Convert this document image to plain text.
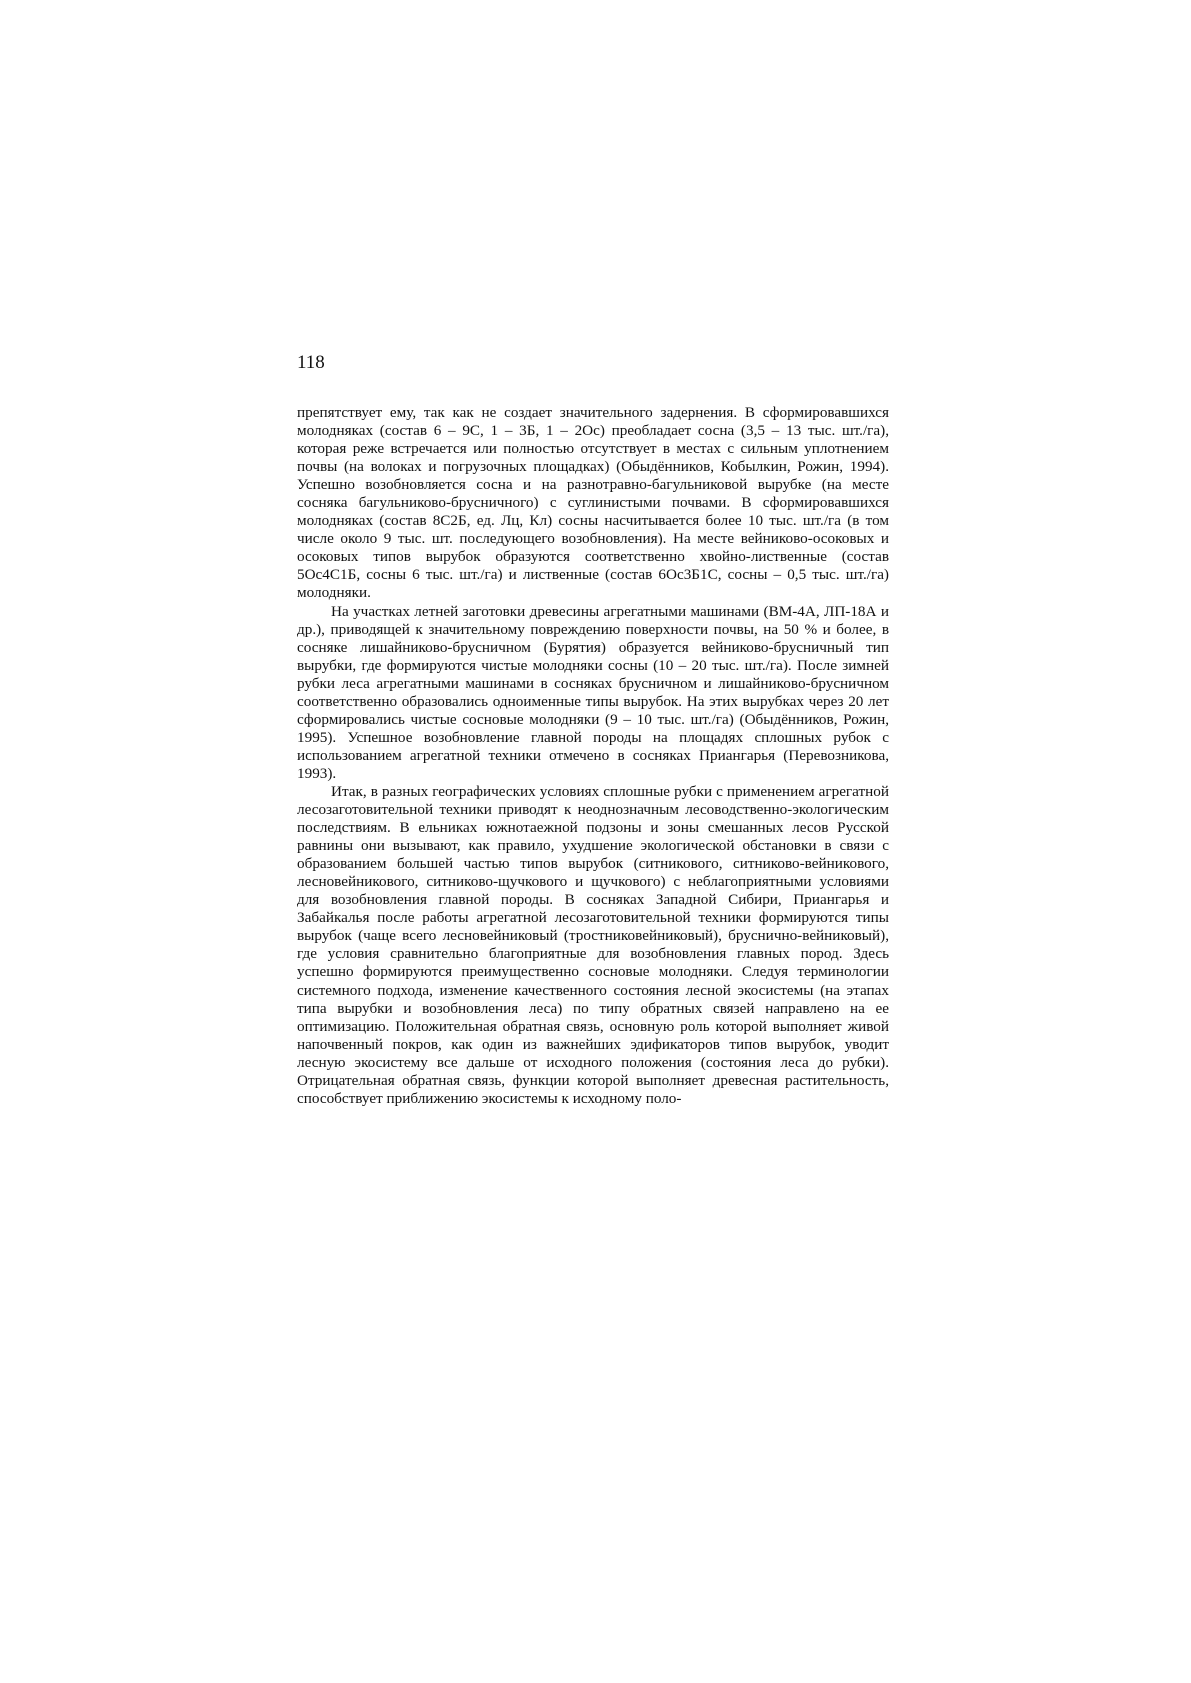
118

препятствует ему, так как не создает значительного задернения. В сформировавшихся молодняках (состав 6 – 9С, 1 – 3Б, 1 – 2Ос) преобладает сосна (3,5 – 13 тыс. шт./га), которая реже встречается или полностью отсутствует в местах с сильным уплотнением почвы (на волоках и погрузочных площадках) (Обыдёнников, Кобылкин, Рожин, 1994). Успешно возобновляется сосна и на разнотравно-багульниковой вырубке (на месте сосняка багульниково-брусничного) с суглинистыми почвами. В сформировавшихся молодняках (состав 8С2Б, ед. Лц, Кл) сосны насчитывается более 10 тыс. шт./га (в том числе около 9 тыс. шт. последующего возобновления). На месте вейниково-осоковых и осоковых типов вырубок образуются соответственно хвойно-лиственные (состав 5Ос4С1Б, сосны 6 тыс. шт./га) и лиственные (состав 6Ос3Б1С, сосны – 0,5 тыс. шт./га) молодняки.

На участках летней заготовки древесины агрегатными машинами (ВМ-4А, ЛП-18А и др.), приводящей к значительному повреждению поверхности почвы, на 50 % и более, в сосняке лишайниково-брусничном (Бурятия) образуется вейниково-брусничный тип вырубки, где формируются чистые молодняки сосны (10 – 20 тыс. шт./га). После зимней рубки леса агрегатными машинами в сосняках брусничном и лишайниково-брусничном соответственно образовались одноименные типы вырубок. На этих вырубках через 20 лет сформировались чистые сосновые молодняки (9 – 10 тыс. шт./га) (Обыдёнников, Рожин, 1995). Успешное возобновление главной породы на площадях сплошных рубок с использованием агрегатной техники отмечено в сосняках Приангарья (Перевозникова, 1993).

Итак, в разных географических условиях сплошные рубки с применением агрегатной лесозаготовительной техники приводят к неоднозначным лесоводственно-экологическим последствиям. В ельниках южнотаежной подзоны и зоны смешанных лесов Русской равнины они вызывают, как правило, ухудшение экологической обстановки в связи с образованием большей частью типов вырубок (ситникового, ситниково-вейникового, лесновейникового, ситниково-щучкового и щучкового) с неблагоприятными условиями для возобновления главной породы. В сосняках Западной Сибири, Приангарья и Забайкалья после работы агрегатной лесозаготовительной техники формируются типы вырубок (чаще всего лесновейниковый (тростниковейниковый), бруснично-вейниковый), где условия сравнительно благоприятные для возобновления главных пород. Здесь успешно формируются преимущественно сосновые молодняки. Следуя терминологии системного подхода, изменение качественного состояния лесной экосистемы (на этапах типа вырубки и возобновления леса) по типу обратных связей направлено на ее оптимизацию. Положительная обратная связь, основную роль которой выполняет живой напочвенный покров, как один из важнейших эдификаторов типов вырубок, уводит лесную экосистему все дальше от исходного положения (состояния леса до рубки). Отрицательная обратная связь, функции которой выполняет древесная растительность, способствует приближению экосистемы к исходному поло-
